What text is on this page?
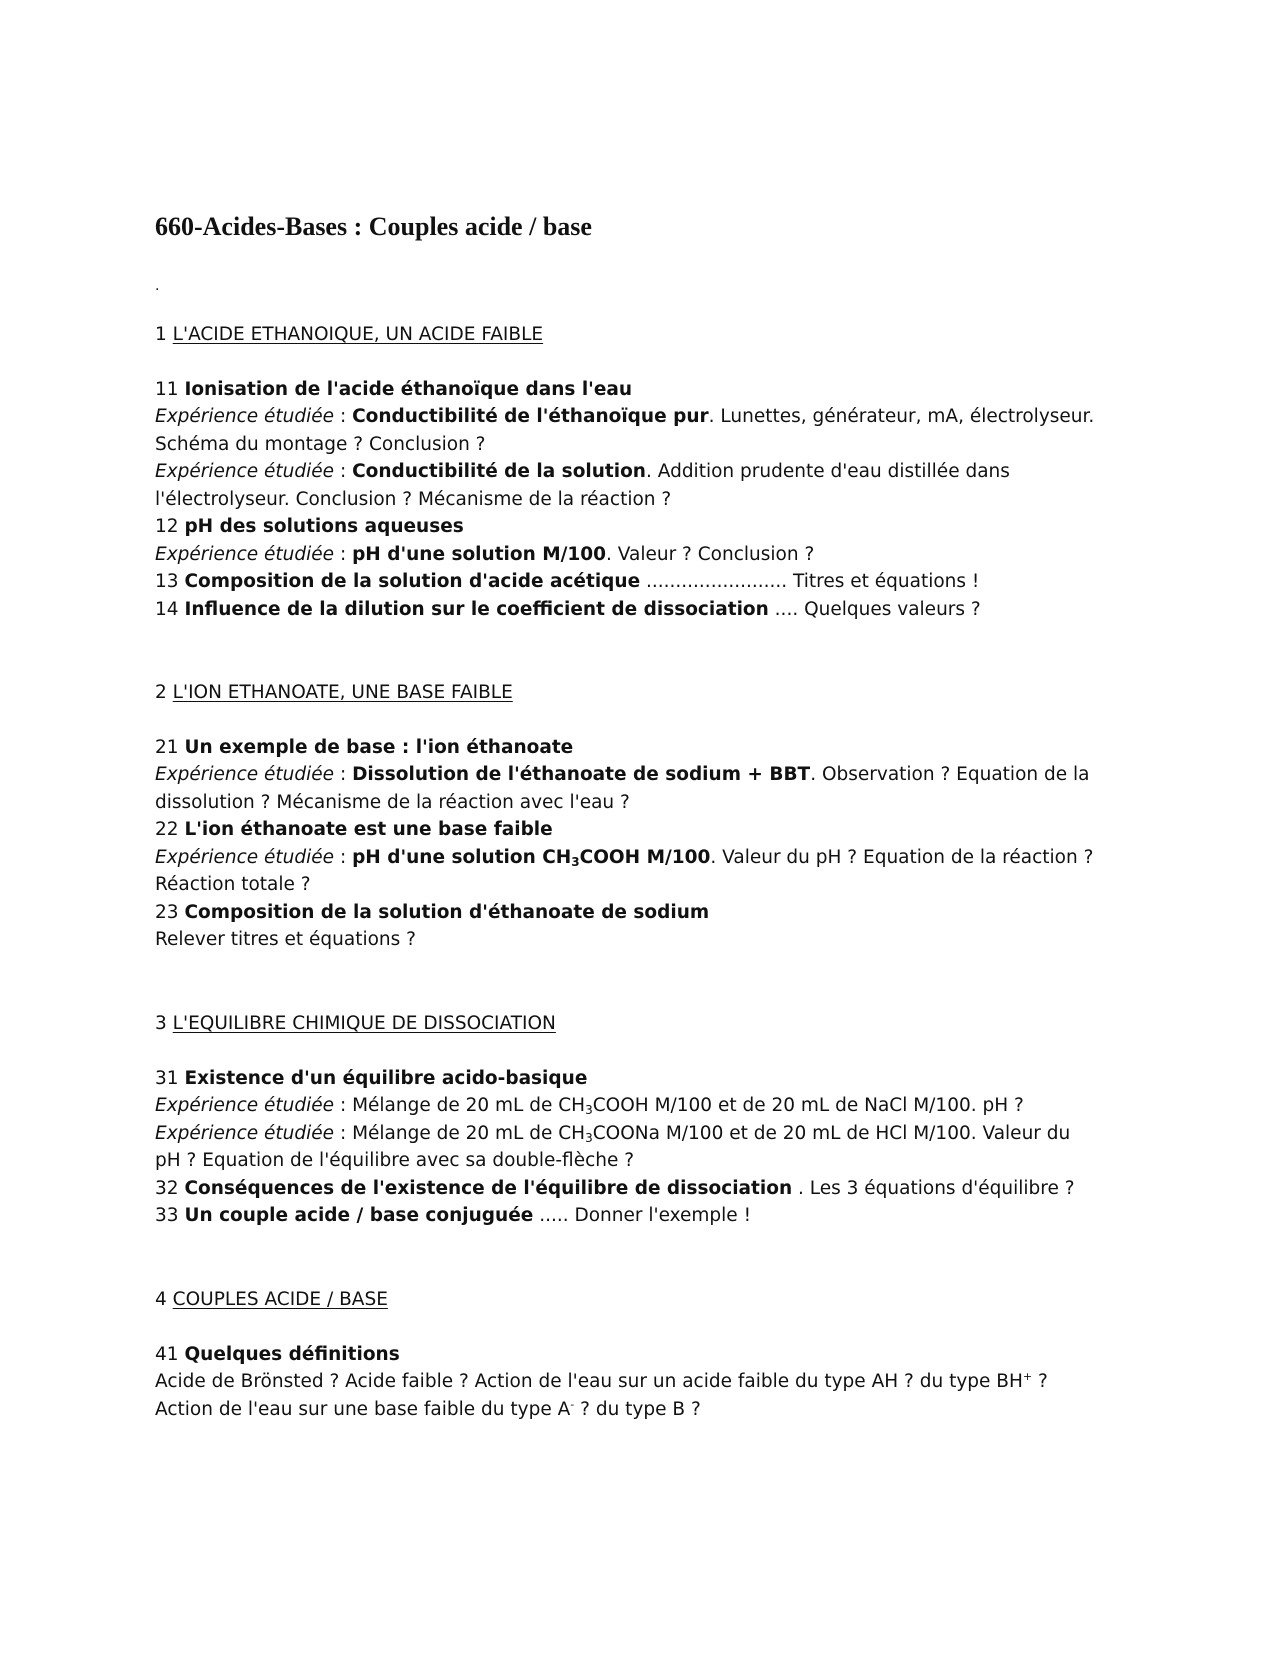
660-Acides-Bases : Couples acide / base
.
1 L'ACIDE ETHANOIQUE, UN ACIDE FAIBLE
11 Ionisation de l'acide éthanoïque dans l'eau
Expérience étudiée : Conductibilité de l'éthanoïque pur. Lunettes, générateur, mA, électrolyseur.
Schéma du montage ? Conclusion ?
Expérience étudiée : Conductibilité de la solution. Addition prudente d'eau distillée dans
l'électrolyseur. Conclusion ? Mécanisme de la réaction ?
12 pH des solutions aqueuses
Expérience étudiée : pH d'une solution M/100. Valeur ? Conclusion ?
13 Composition de la solution d'acide acétique ........................ Titres et équations !
14 Influence de la dilution sur le coefficient de dissociation .... Quelques valeurs ?
2 L'ION ETHANOATE, UNE BASE FAIBLE
21 Un exemple de base : l'ion éthanoate
Expérience étudiée : Dissolution de l'éthanoate de sodium + BBT. Observation ? Equation de la
dissolution ? Mécanisme de la réaction avec l'eau ?
22 L'ion éthanoate est une base faible
Expérience étudiée : pH d'une solution $CH_3COOH$ M/100. Valeur du pH ? Equation de la réaction ?
Réaction totale ?
23 Composition de la solution d'éthanoate de sodium
Relever titres et équations ?
3 L'EQUILIBRE CHIMIQUE DE DISSOCIATION
31 Existence d'un équilibre acido-basique
Expérience étudiée : Mélange de 20 mL de $CH_3COOH$ M/100 et de 20 mL de NaCl M/100. pH ?
Expérience étudiée : Mélange de 20 mL de $CH_3COONa$ M/100 et de 20 mL de HCl M/100. Valeur du
pH ? Equation de l'équilibre avec sa double-flèche ?
32 Conséquences de l'existence de l'équilibre de dissociation . Les 3 équations d'équilibre ?
33 Un couple acide / base conjuguée ..... Donner l'exemple !
4 COUPLES ACIDE / BASE
41 Quelques définitions
Acide de Brönsted ? Acide faible ? Action de l'eau sur un acide faible du type AH ? du type BH+ ?
Action de l'eau sur une base faible du type A- ? du type B ?
